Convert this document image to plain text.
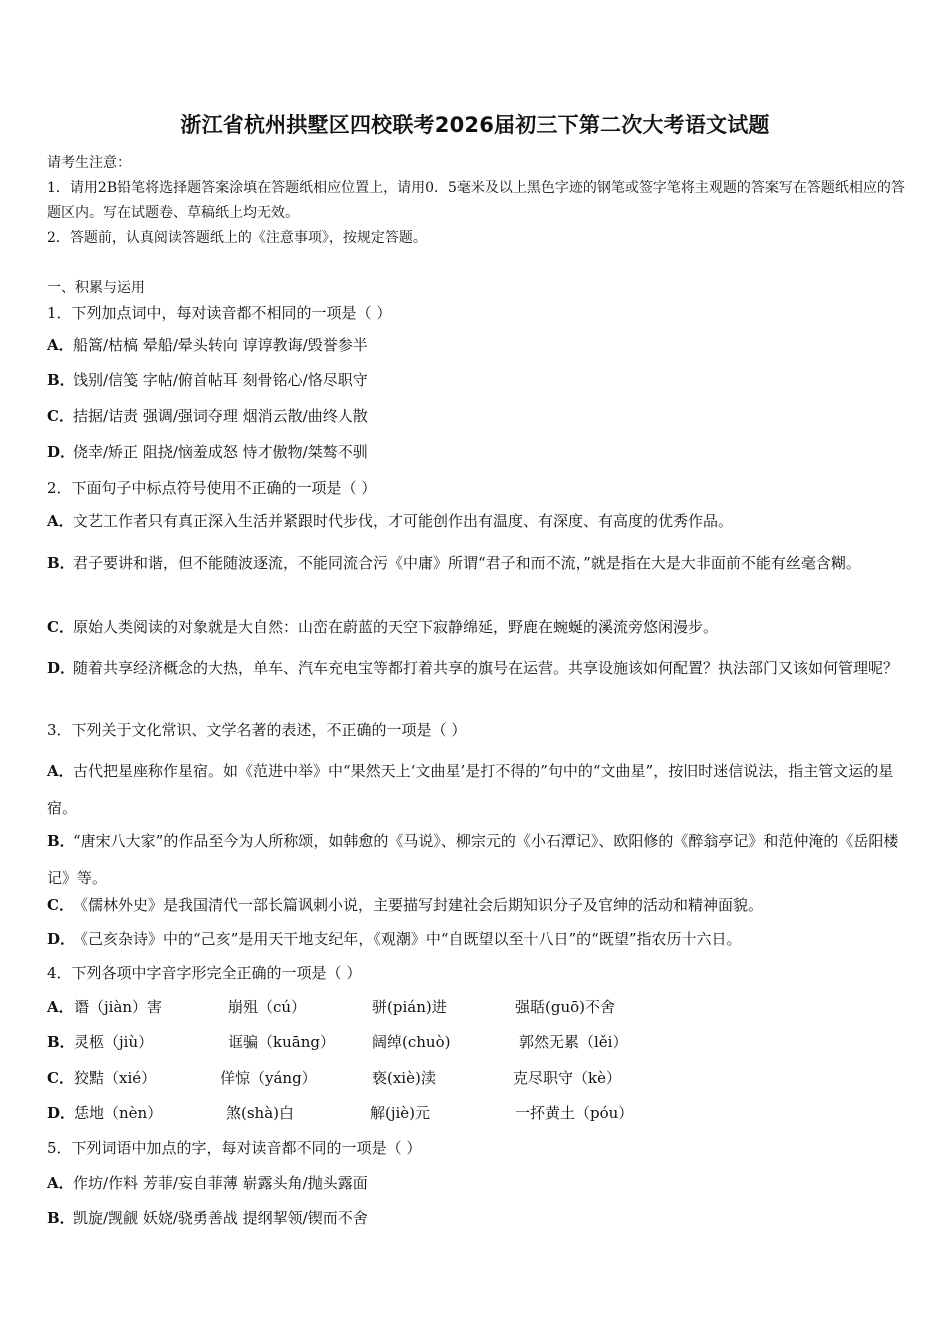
浙江省杭州拱墅区四校联考2026届初三下第二次大考语文试题
请考生注意：
1．请用2B铅笔将选择题答案涂填在答题纸相应位置上，请用0．5毫米及以上黑色字迹的钢笔或签字笔将主观题的答案写在答题纸相应的答题区内。写在试题卷、草稿纸上均无效。
2．答题前，认真阅读答题纸上的《注意事项》，按规定答题。
一、积累与运用
1．下列加点词中，每对读音都不相同的一项是（ ）
A．船篙/枯槁 晕船/晕头转向 谆谆教诲/毁誉参半
B．饯别/信笺 字帖/俯首帖耳 刻骨铭心/恪尽职守
C．拮据/诘责 强调/强词夺理 烟消云散/曲终人散
D．侥幸/矫正 阻挠/恼羞成怒 恃才傲物/桀骜不驯
2．下面句子中标点符号使用不正确的一项是（ ）
A．文艺工作者只有真正深入生活并紧跟时代步伐，才可能创作出有温度、有深度、有高度的优秀作品。
B．君子要讲和谐，但不能随波逐流，不能同流合污《中庸》所谓“君子和而不流，”就是指在大是大非面前不能有丝毫含糊。
C．原始人类阅读的对象就是大自然：山峦在蔚蓝的天空下寂静绵延，野鹿在蜿蜒的溪流旁悠闲漫步。
D．随着共享经济概念的大热，单车、汽车充电宝等都打着共享的旗号在运营。共享设施该如何配置？执法部门又该如何管理呢？
3．下列关于文化常识、文学名著的表述，不正确的一项是（ ）
A．古代把星座称作星宿。如《范进中举》中“果然天上‘文曲星’是打不得的”句中的“文曲星”，按旧时迷信说法，指主管文运的星宿。
B．“唐宋八大家”的作品至今为人所称颂，如韩愈的《马说》、柳宗元的《小石潭记》、欧阳修的《醉翁亭记》和范仲淹的《岳阳楼记》等。
C．《儒林外史》是我国清代一部长篇讽刺小说，主要描写封建社会后期知识分子及官绅的活动和精神面貌。
D．《己亥杂诗》中的“己亥”是用天干地支纪年，《观潮》中“自既望以至十八日”的“既望”指农历十六日。
4．下列各项中字音字形完全正确的一项是（ ）
A． 谮（jiàn）害	崩殂（cú）	骈(pián)进	强聒(guō)不舍
B． 灵柩（jiù）	诓骗（kuāng） 阔绰(chuò)	郭然无累（lěi）
C． 狡黠（xié）	佯惊（yáng）	亵(xiè)渎	克尽职守（kè）
D．
恁地（nèn）	煞(shà)白	解(jiè)元	一抔黄土（póu）
5．下列词语中加点的字，每对读音都不同的一项是（ ）
A．作坊/作料 芳菲/妄自菲薄 崭露头角/抛头露面
B．凯旋/觊觎 妖娆/骁勇善战 提纲挈领/锲而不舍
